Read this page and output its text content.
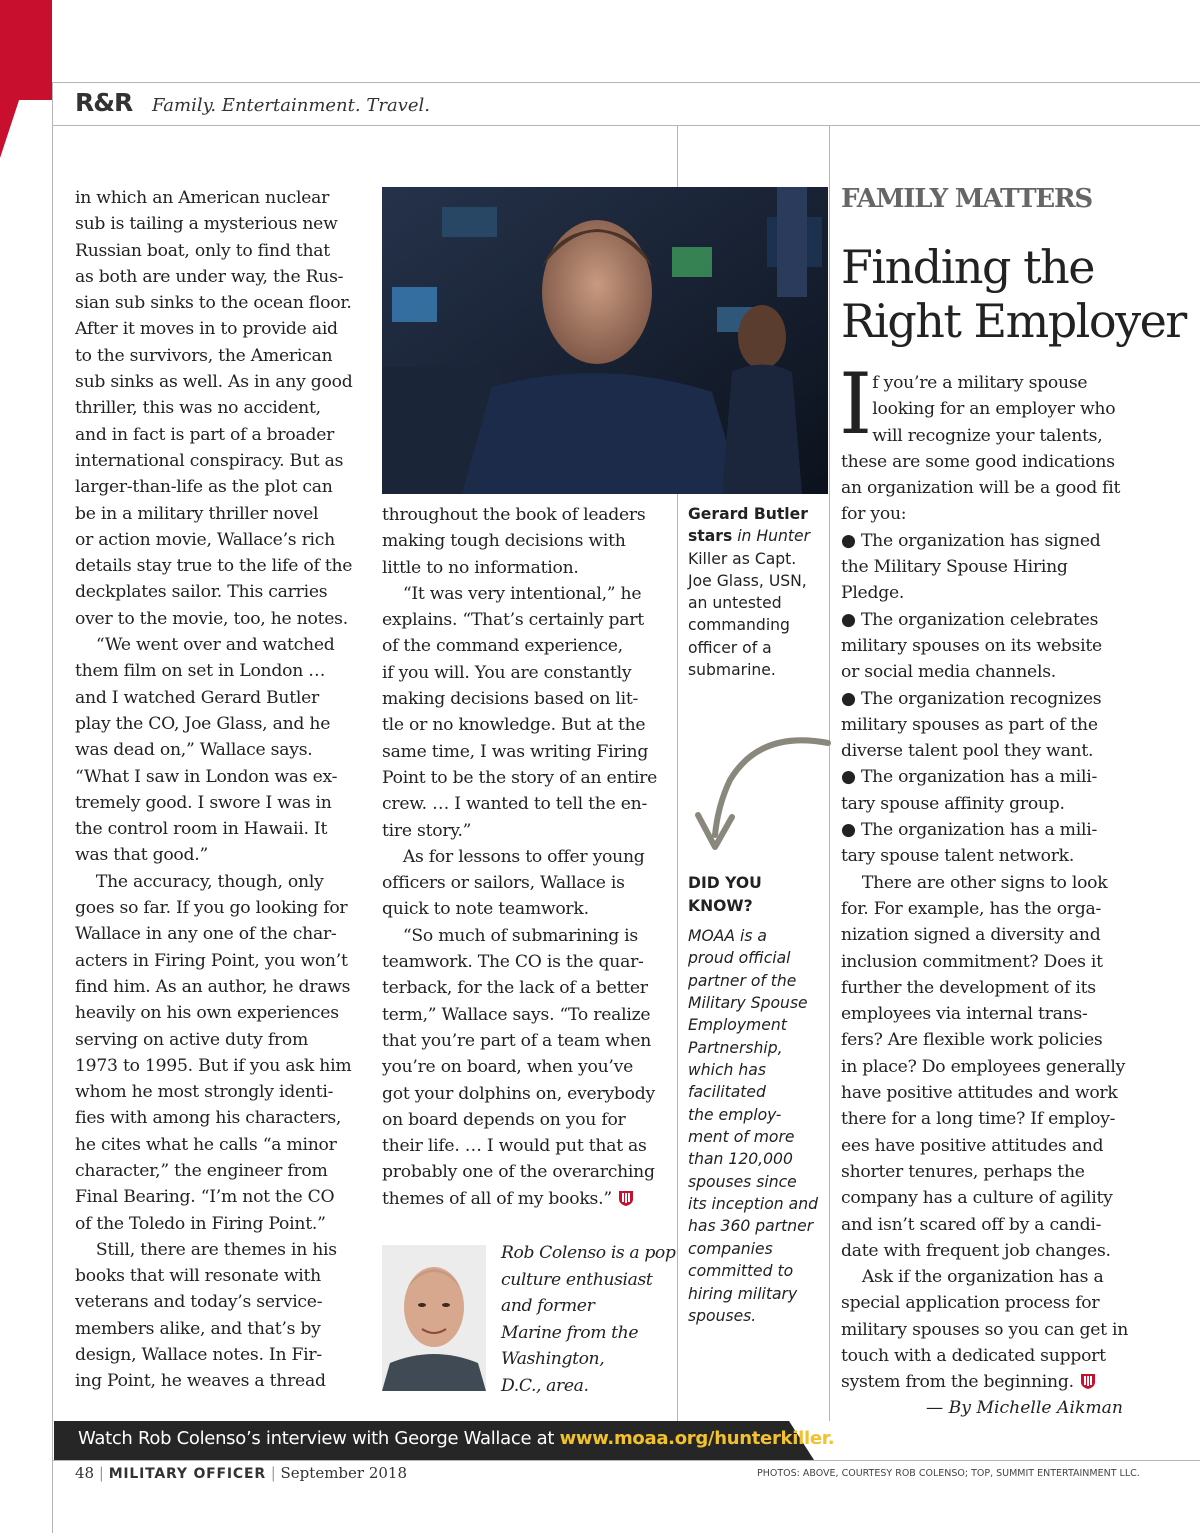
R&R Family. Entertainment. Travel.
in which an American nuclear
sub is tailing a mysterious new
Russian boat, only to find that
as both are under way, the Rus-
sian sub sinks to the ocean floor.
After it moves in to provide aid
to the survivors, the American
sub sinks as well. As in any good
thriller, this was no accident,
and in fact is part of a broader
international conspiracy. But as
larger-than-life as the plot can
be in a military thriller novel
or action movie, Wallace’s rich
details stay true to the life of the
deckplates sailor. This carries
over to the movie, too, he notes.
“We went over and watched
them film on set in London …
and I watched Gerard Butler
play the CO, Joe Glass, and he
was dead on,” Wallace says.
“What I saw in London was ex-
tremely good. I swore I was in
the control room in Hawaii. It
was that good.”
The accuracy, though, only
goes so far. If you go looking for
Wallace in any one of the char-
acters in Firing Point, you won’t
find him. As an author, he draws
heavily on his own experiences
serving on active duty from
1973 to 1995. But if you ask him
whom he most strongly identi-
fies with among his characters,
he cites what he calls “a minor
character,” the engineer from
Final Bearing. “I’m not the CO
of the Toledo in Firing Point.”
Still, there are themes in his
books that will resonate with
veterans and today’s service-
members alike, and that’s by
design, Wallace notes. In Fir-
ing Point, he weaves a thread
throughout the book of leaders
making tough decisions with
little to no information.
“It was very intentional,” he
explains. “That’s certainly part
of the command experience,
if you will. You are constantly
making decisions based on lit-
tle or no knowledge. But at the
same time, I was writing Firing
Point to be the story of an entire
crew. … I wanted to tell the en-
tire story.”
As for lessons to offer young
officers or sailors, Wallace is
quick to note teamwork.
“So much of submarining is
teamwork. The CO is the quar-
terback, for the lack of a better
term,” Wallace says. “To realize
that you’re part of a team when
you’re on board, when you’ve
got your dolphins on, everybody
on board depends on you for
their life. … I would put that as
probably one of the overarching
themes of all of my books.”
Gerard Butler
stars in Hunter
Killer as Capt.
Joe Glass, USN,
an untested
commanding
officer of a
submarine.
DID YOU
KNOW?
MOAA is a
proud official
partner of the
Military Spouse
Employment
Partnership,
which has
facilitated
the employ-
ment of more
than 120,000
spouses since
its inception and
has 360 partner
companies
committed to
hiring military
spouses.
Rob Colenso is a pop
culture enthusiast
and former
Marine from the
Washington,
D.C., area.
FAMILY MATTERS
Finding the
Right Employer
I f you’re a military spouse
looking for an employer who
will recognize your talents,
these are some good indications
an organization will be a good fit
for you:
● The organization has signed
the Military Spouse Hiring
Pledge.
● The organization celebrates
military spouses on its website
or social media channels.
● The organization recognizes
military spouses as part of the
diverse talent pool they want.
● The organization has a mili-
tary spouse affinity group.
● The organization has a mili-
tary spouse talent network.
There are other signs to look
for. For example, has the orga-
nization signed a diversity and
inclusion commitment? Does it
further the development of its
employees via internal trans-
fers? Are flexible work policies
in place? Do employees generally
have positive attitudes and work
there for a long time? If employ-
ees have positive attitudes and
shorter tenures, perhaps the
company has a culture of agility
and isn’t scared off by a candi-
date with frequent job changes.
Ask if the organization has a
special application process for
military spouses so you can get in
touch with a dedicated support
system from the beginning.
— By Michelle Aikman
Watch Rob Colenso’s interview with George Wallace at www.moaa.org/hunterkiller.
48 | MILITARY OFFICER | September 2018	PHOTOS: ABOVE, COURTESY ROB COLENSO; TOP, SUMMIT ENTERTAINMENT LLC.
